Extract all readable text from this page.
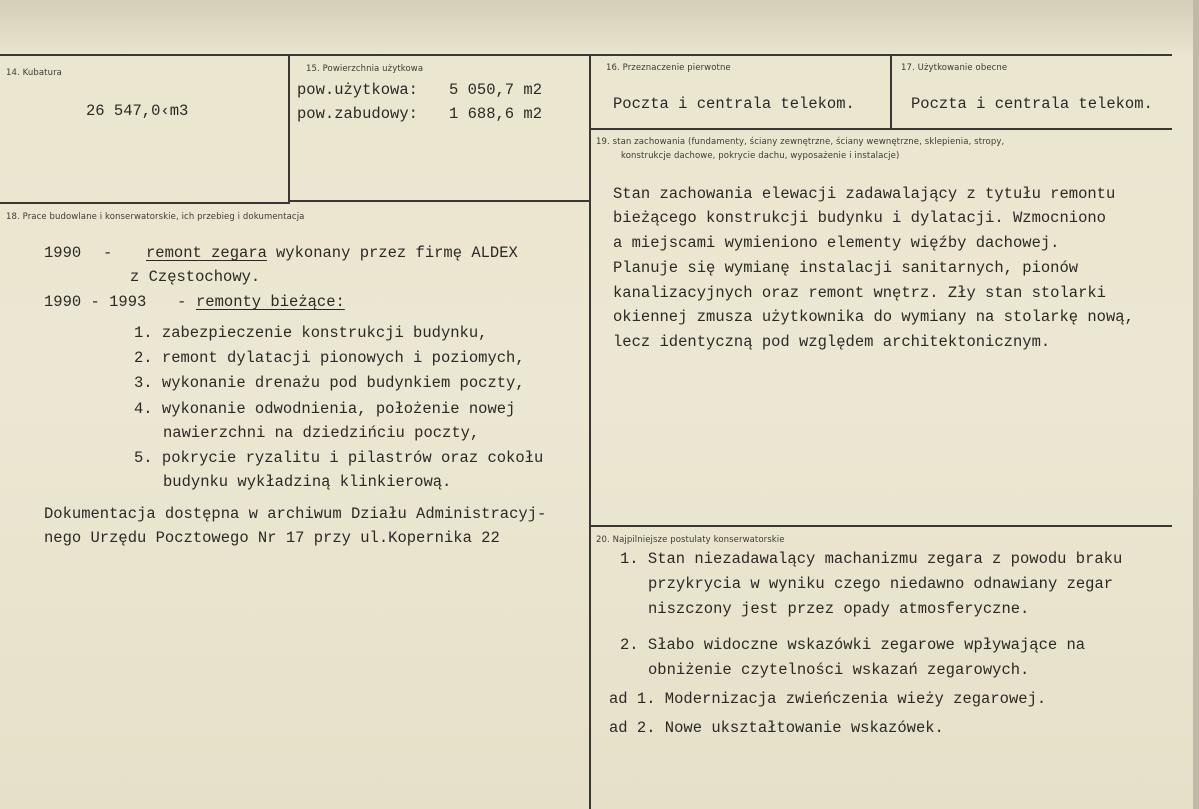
14. Kubatura
26 547,0‹m3
15. Powierzchnia użytkowa
pow.użytkowa: 5 050,7 m2
pow.zabudowy: 1 688,6 m2
16. Przeznaczenie pierwotne
Poczta i centrala telekom.
17. Użytkowanie obecne
Poczta i centrala telekom.
18. Prace budowlane i konserwatorskie, ich przebieg i dokumentacja
1990 - remont zegara wykonany przez firmę ALDEX
z Częstochowy.
1990 - 1993 - remonty bieżące:
1. zabezpieczenie konstrukcji budynku,
2. remont dylatacji pionowych i poziomych,
3. wykonanie drenażu pod budynkiem poczty,
4. wykonanie odwodnienia, położenie nowej
nawierzchni na dziedzińciu poczty,
5. pokrycie ryzalitu i pilastrów oraz cokołu
budynku wykładziną klinkierową.
Dokumentacja dostępna w archiwum Działu Administracyj-
nego Urzędu Pocztowego Nr 17 przy ul.Kopernika 22
19. stan zachowania (fundamenty, ściany zewnętrzne, ściany wewnętrzne, sklepienia, stropy,
konstrukcje dachowe, pokrycie dachu, wyposażenie i instalacje)
Stan zachowania elewacji zadawalający z tytułu remontu
bieżącego konstrukcji budynku i dylatacji. Wzmocniono
a miejscami wymieniono elementy więźby dachowej.
Planuje się wymianę instalacji sanitarnych, pionów
kanalizacyjnych oraz remont wnętrz. Zły stan stolarki
okiennej zmusza użytkownika do wymiany na stolarkę nową,
lecz identyczną pod względem architektonicznym.
20. Najpilniejsze postulaty konserwatorskie
1. Stan niezadawalący machanizmu zegara z powodu braku
przykrycia w wyniku czego niedawno odnawiany zegar
niszczony jest przez opady atmosferyczne.
2. Słabo widoczne wskazówki zegarowe wpływające na
obniżenie czytelności wskazań zegarowych.
ad 1. Modernizacja zwieńczenia wieży zegarowej.
ad 2. Nowe ukształtowanie wskazówek.
